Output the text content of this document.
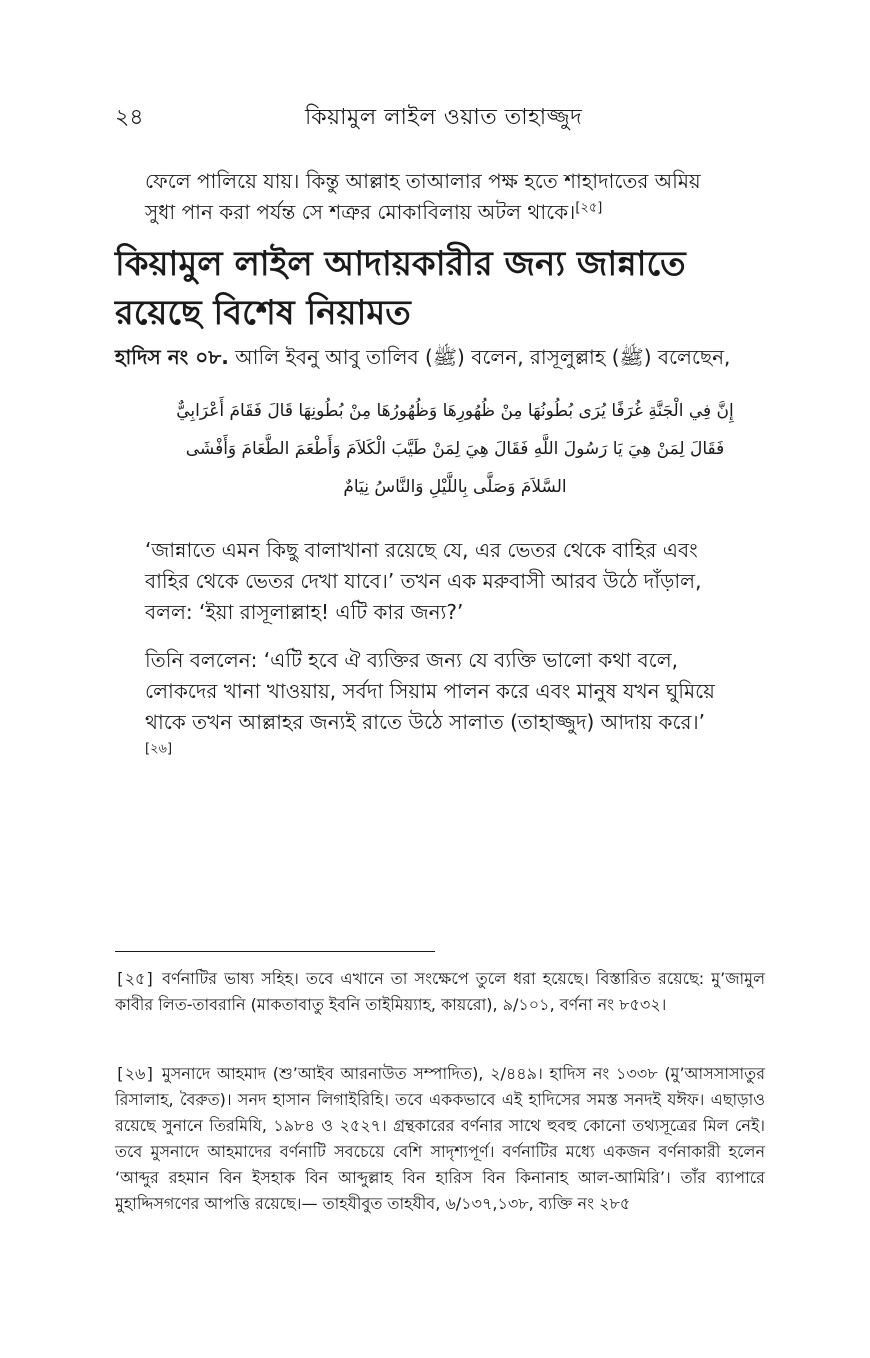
২৪	কিয়ামুল লাইল ওয়াত তাহাজ্জুদ
ফেলে পালিয়ে যায়। কিন্তু আল্লাহ তাআলার পক্ষ হতে শাহাদাতের অমিয় সুধা পান করা পর্যন্ত সে শত্রুর মোকাবিলায় অটল থাকে।[২৫]
কিয়ামুল লাইল আদায়কারীর জন্য জান্নাতে রয়েছে বিশেষ নিয়ামত
হাদিস নং ০৮. আলি ইবনু আবু তালিব (ﷺ) বলেন, রাসূলুল্লাহ (ﷺ) বলেছেন,
إِنَّ فِي الْجَنَّةِ غُرَفًا يُرَى بُطُونُهَا مِنْ ظُهُورِهَا وَظُهُورُهَا مِنْ بُطُونِهَا قَالَ فَقَامَ أَعْرَابِيٌّ
فَقَالَ لِمَنْ هِيَ يَا رَسُولَ اللَّهِ فَقَالَ هِيَ لِمَنْ طَيَّبَ الْكَلاَمَ وَأَطْعَمَ الطَّعَامَ وَأَفْشَى
السَّلاَمَ وَصَلَّى بِاللَّيْلِ وَالنَّاسُ نِيَامٌ
‘জান্নাতে এমন কিছু বালাখানা রয়েছে যে, এর ভেতর থেকে বাহির এবং বাহির থেকে ভেতর দেখা যাবে।’ তখন এক মরুবাসী আরব উঠে দাঁড়াল, বলল: ‘ইয়া রাসূলাল্লাহ! এটি কার জন্য?’
তিনি বললেন: ‘এটি হবে ঐ ব্যক্তির জন্য যে ব্যক্তি ভালো কথা বলে, লোকদের খানা খাওয়ায়, সর্বদা সিয়াম পালন করে এবং মানুষ যখন ঘুমিয়ে থাকে তখন আল্লাহর জন্যই রাতে উঠে সালাত (তাহাজ্জুদ) আদায় করে।’ [২৬]
[২৫] বর্ণনাটির ভাষ্য সহিহ। তবে এখানে তা সংক্ষেপে তুলে ধরা হয়েছে। বিস্তারিত রয়েছে: মু’জামুল কাবীর লিত-তাবরানি (মাকতাবাতু ইবনি তাইমিয়্যাহ, কায়রো), ৯/১০১, বর্ণনা নং ৮৫৩২।
[২৬] মুসনাদে আহমাদ (শু’আইব আরনাউত সম্পাদিত), ২/৪৪৯। হাদিস নং ১৩৩৮ (মু’আসসাসাতুর রিসালাহ, বৈরুত)। সনদ হাসান লিগাইরিহি। তবে এককভাবে এই হাদিসের সমস্ত সনদই যঈফ। এছাড়াও রয়েছে সুনানে তিরমিযি, ১৯৮৪ ও ২৫২৭। গ্রন্থকারের বর্ণনার সাথে হুবহু কোনো তথ্যসূত্রের মিল নেই। তবে মুসনাদে আহমাদের বর্ণনাটি সবচেয়ে বেশি সাদৃশ্যপূর্ণ। বর্ণনাটির মধ্যে একজন বর্ণনাকারী হলেন ‘আব্দুর রহমান বিন ইসহাক বিন আব্দুল্লাহ বিন হারিস বিন কিনানাহ আল-আমিরি’। তাঁর ব্যাপারে মুহাদ্দিসগণের আপত্তি রয়েছে।— তাহযীবুত তাহযীব, ৬/১৩৭,১৩৮, ব্যক্তি নং ২৮৫
